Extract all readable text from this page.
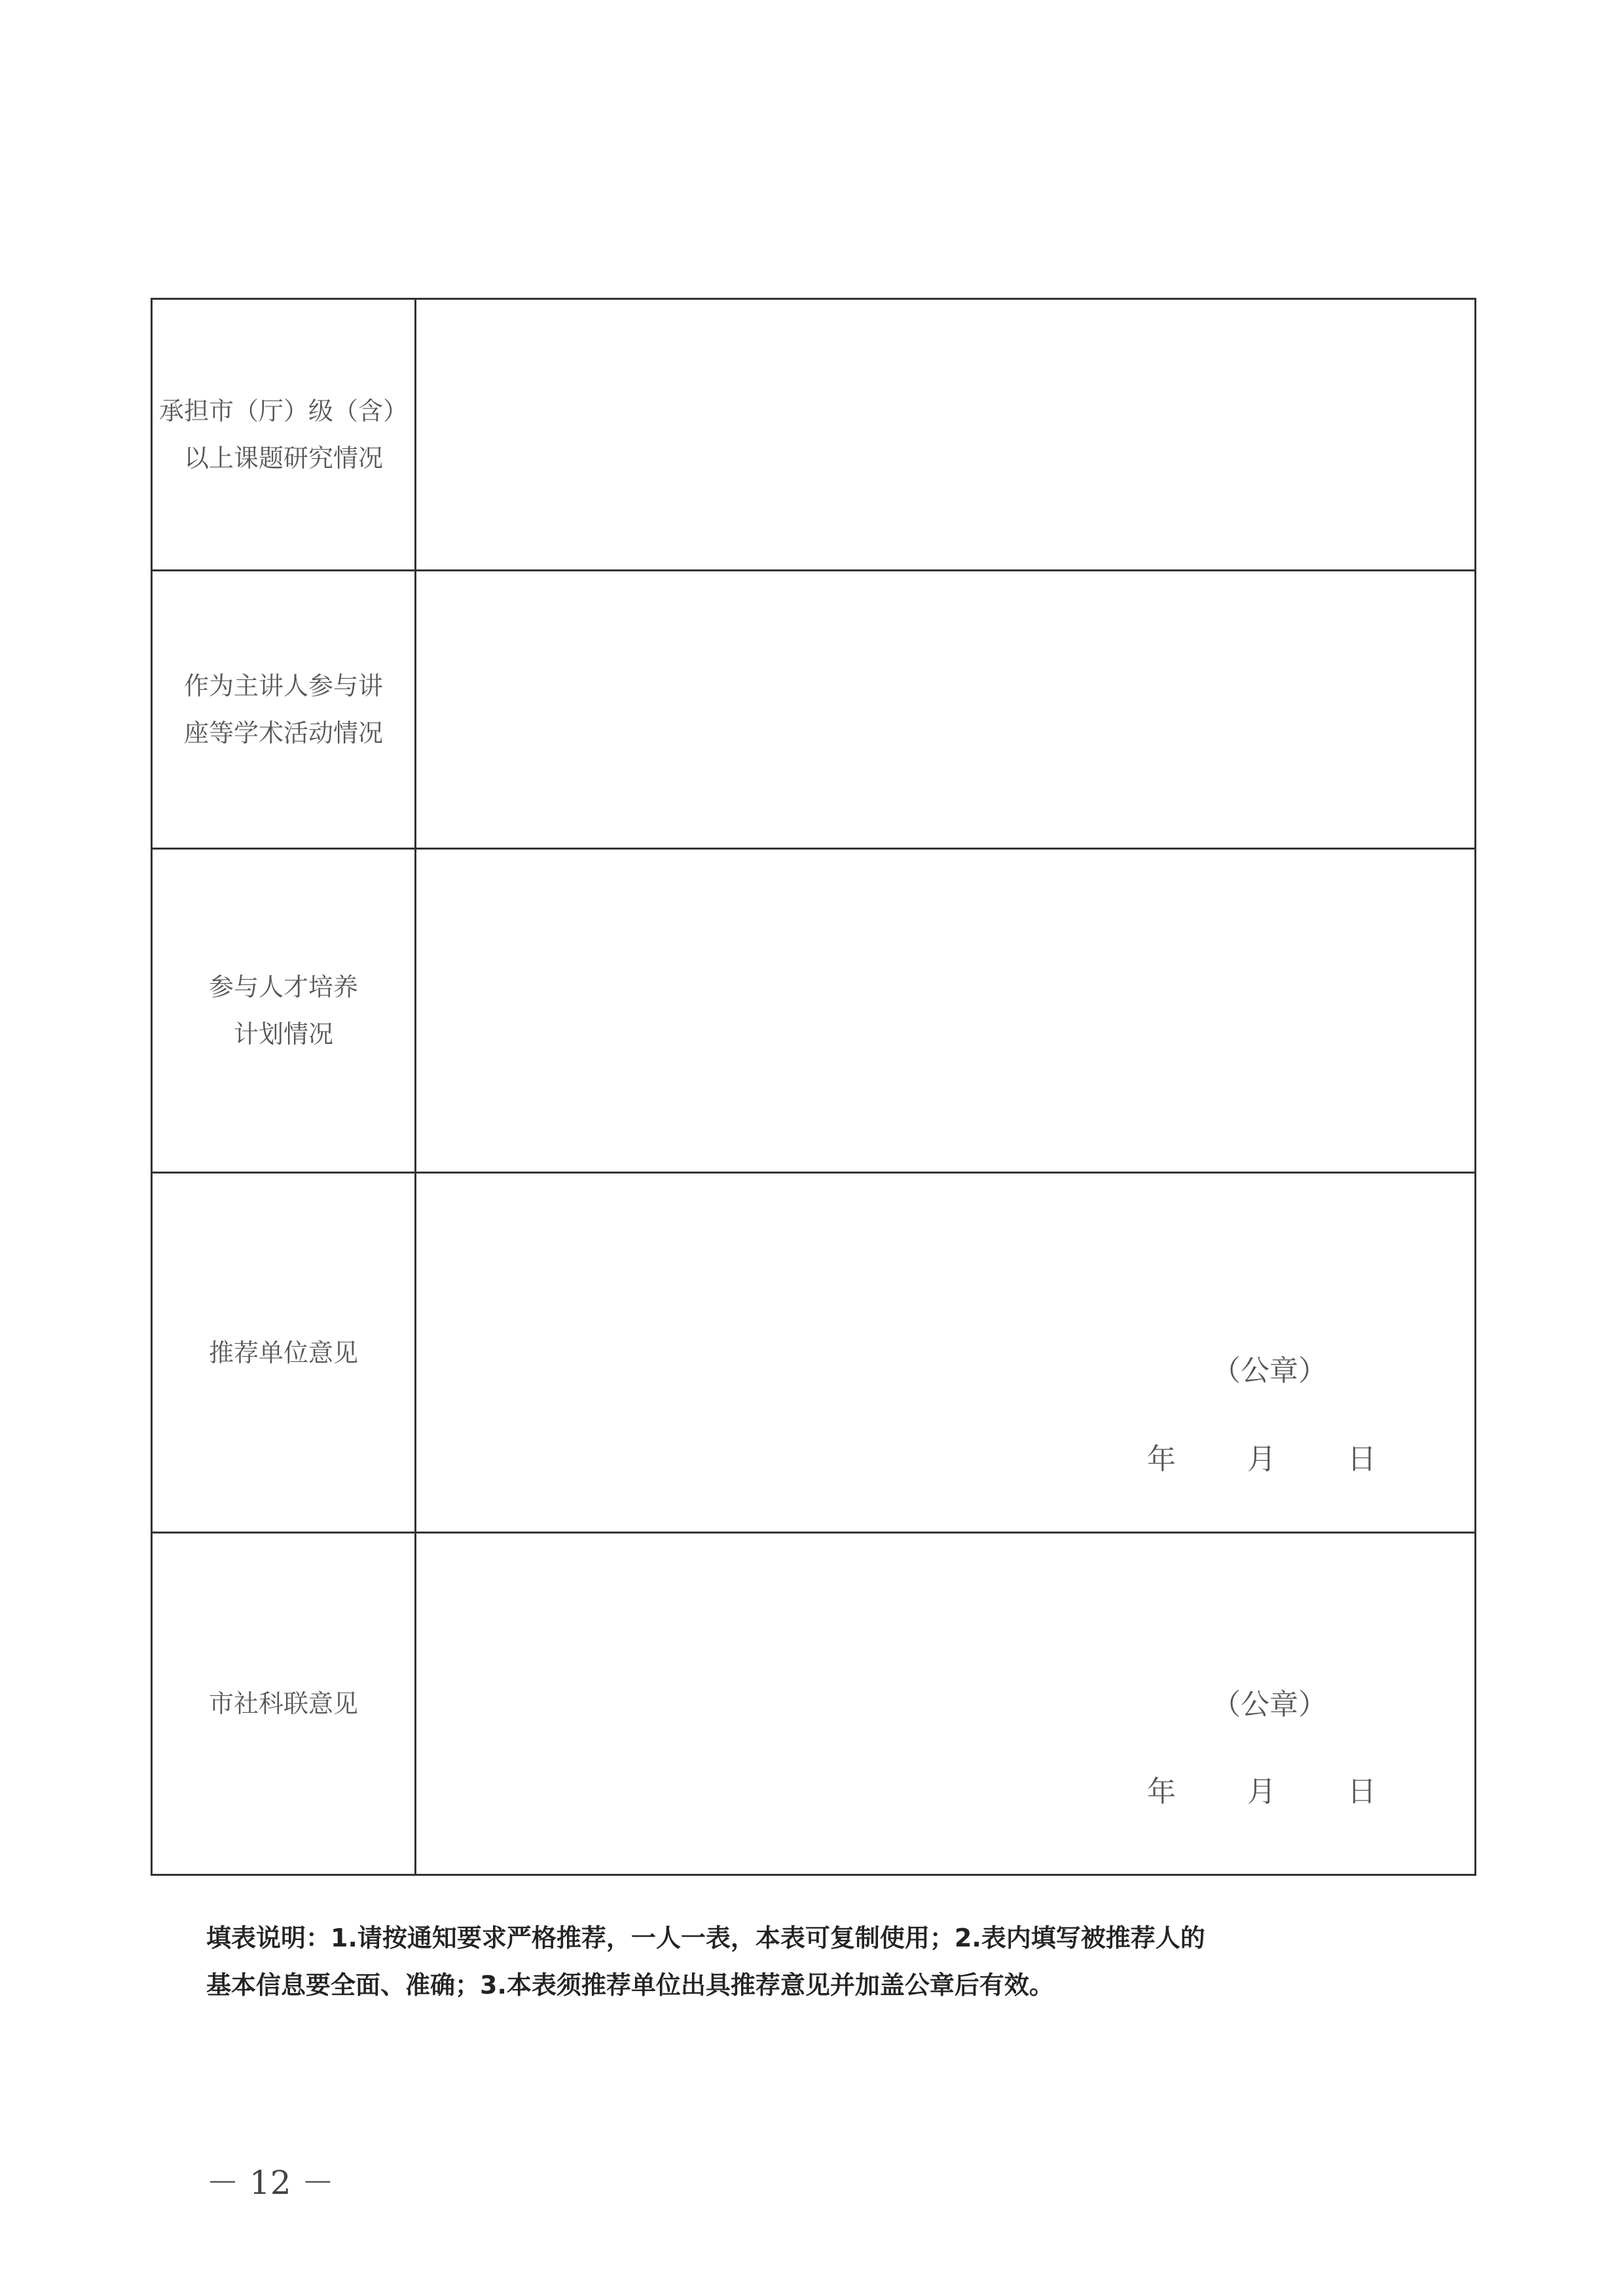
承担市（厅）级（含）
以上课题研究情况	

作为主讲人参与讲
座等学术活动情况	

参与人才培养
计划情况	

推荐单位意见	（公章）
年 月 日

市社科联意见	（公章）
年 月 日
填表说明：1.请按通知要求严格推荐，一人一表，本表可复制使用；2.表内填写被推荐人的
基本信息要全面、准确；3.本表须推荐单位出具推荐意见并加盖公章后有效。
－ 12 －
